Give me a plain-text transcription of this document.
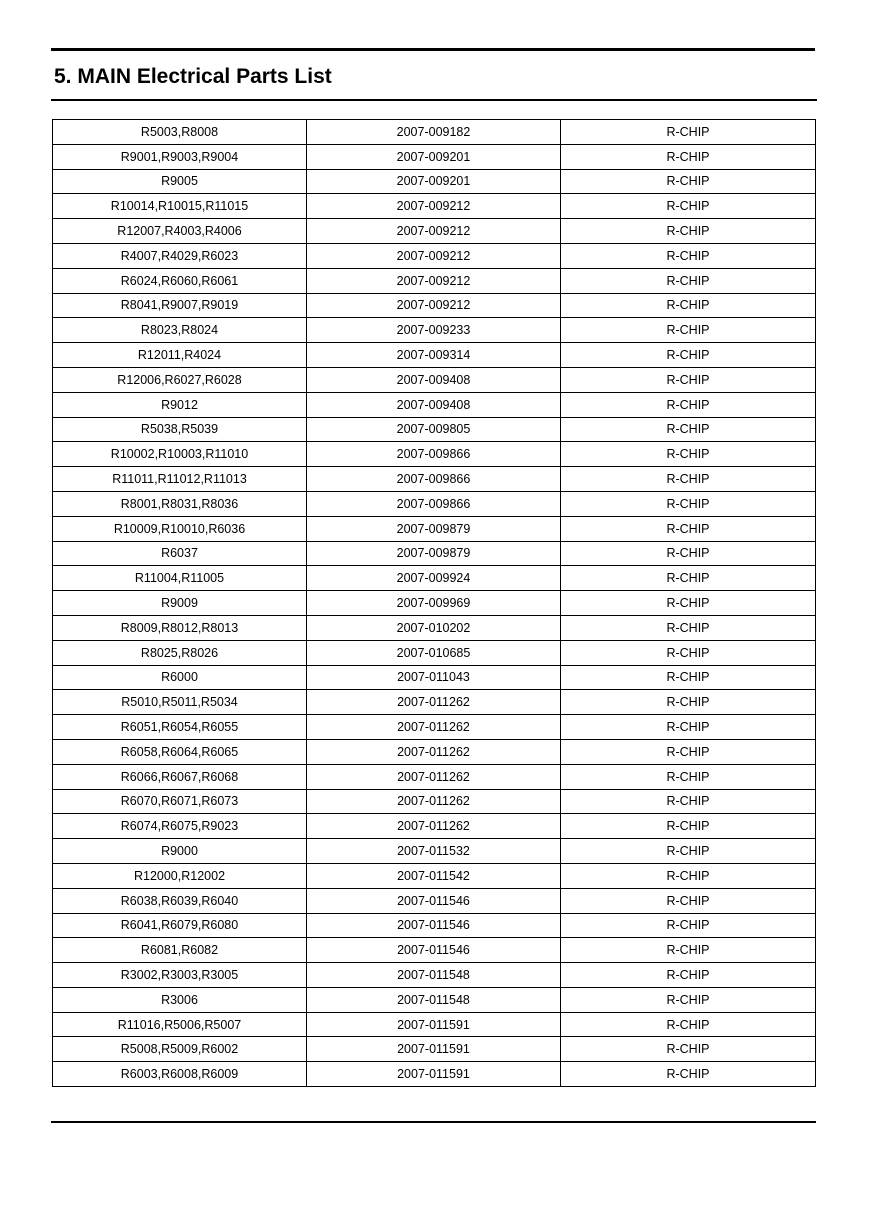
5. MAIN Electrical Parts List
R5003,R8008	2007-009182	R-CHIP
R9001,R9003,R9004	2007-009201	R-CHIP
R9005	2007-009201	R-CHIP
R10014,R10015,R11015	2007-009212	R-CHIP
R12007,R4003,R4006	2007-009212	R-CHIP
R4007,R4029,R6023	2007-009212	R-CHIP
R6024,R6060,R6061	2007-009212	R-CHIP
R8041,R9007,R9019	2007-009212	R-CHIP
R8023,R8024	2007-009233	R-CHIP
R12011,R4024	2007-009314	R-CHIP
R12006,R6027,R6028	2007-009408	R-CHIP
R9012	2007-009408	R-CHIP
R5038,R5039	2007-009805	R-CHIP
R10002,R10003,R11010	2007-009866	R-CHIP
R11011,R11012,R11013	2007-009866	R-CHIP
R8001,R8031,R8036	2007-009866	R-CHIP
R10009,R10010,R6036	2007-009879	R-CHIP
R6037	2007-009879	R-CHIP
R11004,R11005	2007-009924	R-CHIP
R9009	2007-009969	R-CHIP
R8009,R8012,R8013	2007-010202	R-CHIP
R8025,R8026	2007-010685	R-CHIP
R6000	2007-011043	R-CHIP
R5010,R5011,R5034	2007-011262	R-CHIP
R6051,R6054,R6055	2007-011262	R-CHIP
R6058,R6064,R6065	2007-011262	R-CHIP
R6066,R6067,R6068	2007-011262	R-CHIP
R6070,R6071,R6073	2007-011262	R-CHIP
R6074,R6075,R9023	2007-011262	R-CHIP
R9000	2007-011532	R-CHIP
R12000,R12002	2007-011542	R-CHIP
R6038,R6039,R6040	2007-011546	R-CHIP
R6041,R6079,R6080	2007-011546	R-CHIP
R6081,R6082	2007-011546	R-CHIP
R3002,R3003,R3005	2007-011548	R-CHIP
R3006	2007-011548	R-CHIP
R11016,R5006,R5007	2007-011591	R-CHIP
R5008,R5009,R6002	2007-011591	R-CHIP
R6003,R6008,R6009	2007-011591	R-CHIP
